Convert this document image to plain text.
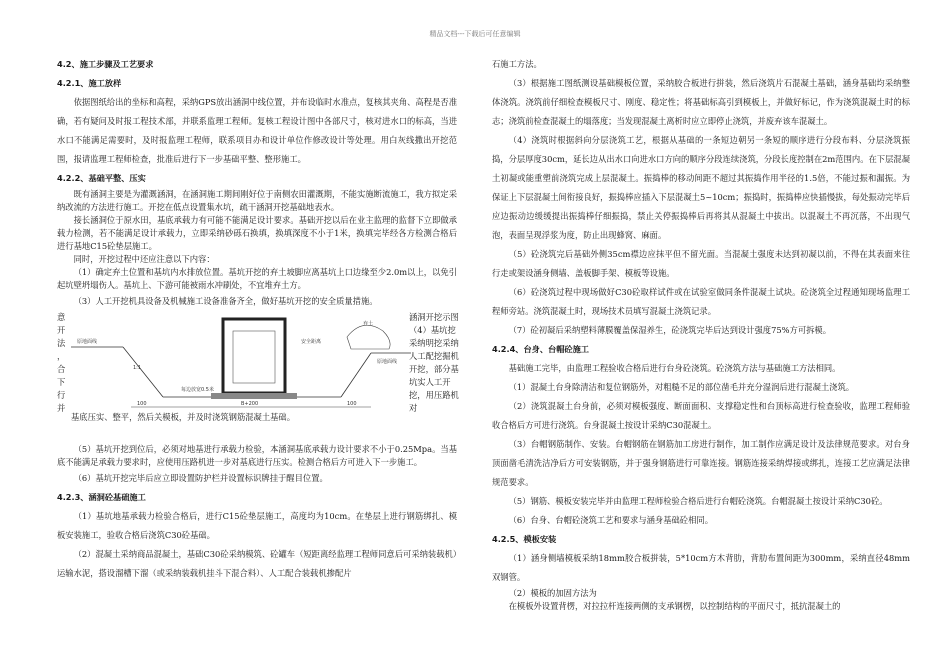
精品文档---下载后可任意编辑
4.2、施工步骤及工艺要求
4.2.1、施工放样
依据图纸给出的坐标和高程，采纳GPS放出涵洞中线位置，并布设临时水准点，复核其夹角、高程是否准确，若有疑问及时报工程技术部，并联系监理工程师。复核工程设计图中各部尺寸，核对进水口的标高，当进水口不能满足需要时，及时报监理工程师，联系项目办和设计单位作修改设计等处理。用白灰线撒出开挖范围，报请监理工程师检查，批准后进行下一步基础平整、整形施工。
4.2.2、基础平整、压实
既有涵洞主要是为灌溉涵洞，在涵洞施工期间刚好位于南侧农田灌溉期，不能实施断流施工，我方拟定采纳改流的方法进行施工。开挖在低点设置集水坑，疏干涵洞开挖基础地表水。
接长涵洞位于原水田，基底承载力有可能不能满足设计要求。基础开挖以后在业主监理的监督下立即做承载力检测，若不能满足设计承载力，立即采纳砂砾石换填，换填深度不小于1米，换填完毕经各方检测合格后进行基地C15砼垫层施工。
同时，开挖过程中还应注意以下内容：
（1）确定弃土位置和基坑内水排放位置。基坑开挖的弃土坡脚应离基坑上口边缘至少2.0m以上，以免引起坑壁坍塌伤人。基坑上、下游可能被雨水冲刷处，不宜堆弃土方。
（3）人工开挖机具设备及机械施工设备准备齐全，做好基坑开挖的安全质量措施。
意
开
法
，
合
下
行
并
原地面线
1:1
安全距离
弃土
原地面线
每边放宽0.5米
100	B+200	100
涵洞开挖示图（4）基坑挖采纳明挖采纳人工配挖掘机开挖，部分基坑实人工开挖，用压路机对
基底压实、整平，然后关模板，并及时浇筑钢筋混凝土基础。
（5）基坑开挖到位后，必须对地基进行承载力检验，本涵洞基底承载力设计要求不小于0.25Mpa。当基底不能满足承载力要求时，应使用压路机进一步对基底进行压实。检测合格后方可进入下一步施工。
（6）基坑开挖完毕后应立即设置防护栏并设置标识牌挂于醒目位置。
4.2.3、涵洞砼基础施工
（1）基坑地基承载力检验合格后，进行C15砼垫层施工，高度均为10cm。在垫层上进行钢筋绑扎、模板安装施工，验收合格后浇筑C30砼基础。
（2）混凝土采纳商品混凝土，基础C30砼采纳模筑、砼罐车（短距离经监理工程师同意后可采纳装载机）运输水泥，搭设溜槽下溜（或采纳装载机挂斗下混合料）、人工配合装载机掺配片
石施工方法。
（3）根据施工图纸测设基础模板位置，采纳胶合板进行拼装，然后浇筑片石混凝土基础，涵身基础均采纳整体浇筑。浇筑前仔细检查模板尺寸、刚度、稳定性；将基础标高引到模板上，并做好标记，作为浇筑混凝土时的标志；浇筑前检查混凝土的塌落度；当发现混凝土离析时应立即停止浇筑，并废弃该车混凝土。
（4）浇筑时根据斜向分层浇筑工艺，根据从基础的一条短边朝另一条短的顺序进行分段布料、分层浇筑振捣，分层厚度30cm，延长边从出水口向进水口方向的顺序分段连续浇筑，分段长度控制在2m范围内。在下层混凝土初凝或能重塑前浇筑完成上层混凝土。振捣棒的移动间距不超过其振捣作用半径的1.5倍，不能过振和漏振。为保证上下层混凝土间衔接良好，振捣棒应插入下层混凝土5~10cm；振捣时，振捣棒应快插慢拔，每处振动完毕后应边振动边缓缓提出振捣棒仔细振捣，禁止关停振捣棒后再将其从混凝土中拔出。以混凝土不再沉落，不出现气泡，表面呈现浮浆为度，防止出现蜂窝、麻面。
（5）砼浇筑完后基础外侧35cm襟边应抹平但不留光面。当混凝土强度未达到初凝以前，不得在其表面来往行走或架设涵身侧墙、盖板脚手架、模板等设施。
（6）砼浇筑过程中现场做好C30砼取样试件或在试验室做同条件混凝土试块。砼浇筑全过程通知现场监理工程师旁站。浇筑混凝土时，现场技术员填写混凝土浇筑记录。
（7）砼初凝后采纳塑料薄膜覆盖保湿养生，砼浇筑完毕后达到设计强度75%方可拆模。
4.2.4、台身、台帽砼施工
基础施工完毕，由监理工程验收合格后进行台身砼浇筑。砼浇筑方法与基础施工方法相同。
（1）混凝土台身除清洁和复位钢筋外，对粗糙不足的部位凿毛并充分湿润后进行混凝土浇筑。
（2）浇筑混凝土台身前，必须对模板强度、断面面积、支撑稳定性和台顶标高进行检查验收，监理工程师验收合格后方可进行浇筑。台身混凝土按设计采纳C30混凝土。
（3）台帽钢筋制作、安装。台帽钢筋在钢筋加工房进行制作，加工制作应满足设计及法律规范要求。对台身顶面凿毛清洗洁净后方可安装钢筋，并于强身钢筋进行可靠连接。钢筋连接采纳焊接或绑扎，连接工艺应满足法律规范要求。
（5）钢筋、模板安装完毕并由监理工程师检验合格后进行台帽砼浇筑。台帽混凝土按设计采纳C30砼。
（6）台身、台帽砼浇筑工艺和要求与涵身基础砼相同。
4.2.5、模板安装
（1）涵身侧墙模板采纳18mm胶合板拼装，5*10cm方木背肋，背肋布置间距为300mm，采纳直径48mm双钢管。
（2）模板的加固方法为
在模板外设置背楞，对拉拉杆连接两侧的支承钢楞，以控制结构的平面尺寸，抵抗混凝土的
